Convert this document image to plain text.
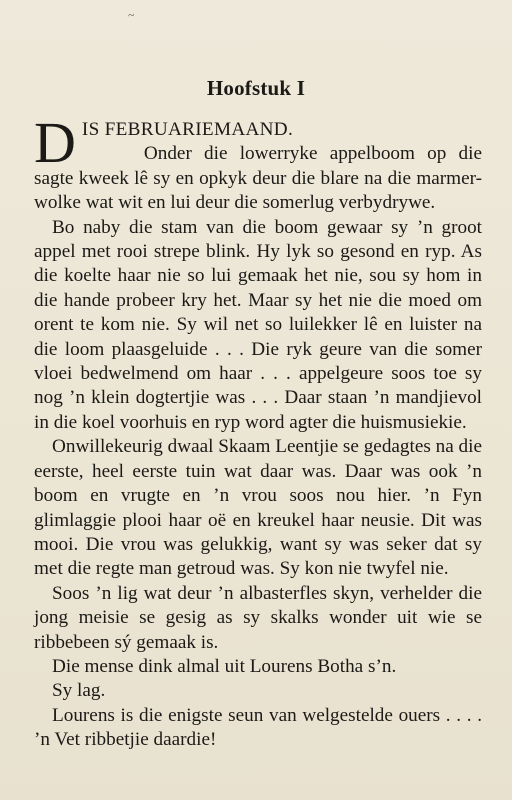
~
Hoofstuk I

DIS FEBRUARIEMAAND.

Onder die lowerryke appelboom op die sagte kweek lê sy en opkyk deur die blare na die marmer-wolke wat wit en lui deur die somerlug verbydrywe.

Bo naby die stam van die boom gewaar sy ’n groot appel met rooi strepe blink. Hy lyk so gesond en ryp. As die koelte haar nie so lui gemaak het nie, sou sy hom in die hande probeer kry het. Maar sy het nie die moed om orent te kom nie. Sy wil net so luilekker lê en luister na die loom plaasgeluide . . . Die ryk geure van die somer vloei bedwelmend om haar . . . appelgeure soos toe sy nog ’n klein dogtertjie was . . . Daar staan ’n mandjievol in die koel voorhuis en ryp word agter die huismusiekie.

Onwillekeurig dwaal Skaam Leentjie se gedagtes na die eerste, heel eerste tuin wat daar was. Daar was ook ’n boom en vrugte en ’n vrou soos nou hier. ’n Fyn glimlaggie plooi haar oë en kreukel haar neusie. Dit was mooi. Die vrou was gelukkig, want sy was seker dat sy met die regte man getroud was. Sy kon nie twyfel nie.

Soos ’n lig wat deur ’n albasterfles skyn, verhelder die jong meisie se gesig as sy skalks wonder uit wie se ribbebeen sý gemaak is.

Die mense dink almal uit Lourens Botha s’n.

Sy lag.

Lourens is die enigste seun van welgestelde ouers . . . . ’n Vet ribbetjie daardie!
